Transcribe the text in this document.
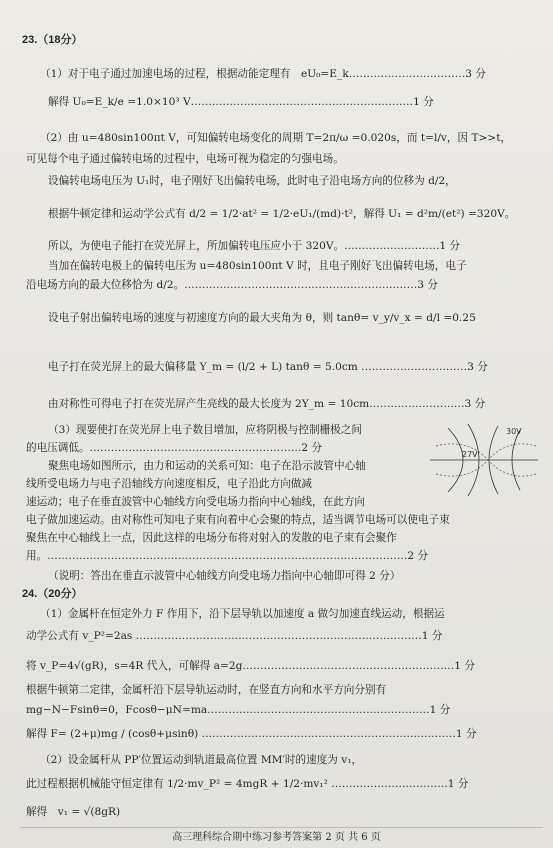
23.（18分）
（1）对于电子通过加速电场的过程，根据动能定理有　eU₀=E_k……………………………3 分
解得 U₀=E_k/e =1.0×10³ V………………………………………………………1 分
（2）由 u=480sin100πt V，可知偏转电场变化的周期 T=2π/ω =0.020s，而 t=l/v，因 T>>t，
可见每个电子通过偏转电场的过程中，电场可视为稳定的匀强电场。
设偏转电场电压为 U₁时，电子刚好飞出偏转电场，此时电子沿电场方向的位移为 d/2，
根据牛顿定律和运动学公式有 d/2 = 1/2·at² = 1/2·eU₁/(md)·t²，解得 U₁ = d²m/(et²) =320V。
所以，为使电子能打在荧光屏上，所加偏转电压应小于 320V。………………………1 分
当加在偏转电极上的偏转电压为 u=480sin100πt V 时，且电子刚好飞出偏转电场，电子
沿电场方向的最大位移恰为 d/2。…………………………………………………………3 分
设电子射出偏转电场的速度与初速度方向的最大夹角为 θ，则 tanθ= v_y/v_x = d/l =0.25
电子打在荧光屏上的最大偏移量 Y_m = (l/2 + L) tanθ = 5.0cm …………………………3 分
由对称性可得电子打在荧光屏产生亮线的最大长度为 2Y_m = 10cm………………………3 分
（3）现要使打在荧光屏上电子数目增加，应将阴极与控制栅极之间
的电压调低。……………………………………………………2 分
聚焦电场如图所示，由力和运动的关系可知：电子在沿示波管中心轴
线所受电场力与电子沿轴线方向速度相反，电子沿此方向做减
速运动；电子在垂直波管中心轴线方向受电场力指向中心轴线，在此方向
电子做加速运动。由对称性可知电子束有向着中心会聚的特点，适当调节电场可以使电子束
聚焦在中心轴线上一点，因此这样的电场分布将对射入的发散的电子束有会聚作
用。…………………………………………………………………………………………2 分
（说明：答出在垂直示波管中心轴线方向受电场力指向中心轴即可得 2 分）
30V
27V
24.（20分）
（1）金属杆在恒定外力 F 作用下，沿下层导轨以加速度 a 做匀加速直线运动，根据运
动学公式有 v_P²=2as ………………………………………………………………………1 分
将 v_P=4√(gR)，s=4R 代入，可解得 a=2g……………………………………………………1 分
根据牛顿第二定律，金属杆沿下层导轨运动时，在竖直方向和水平方向分别有
mg−N−Fsinθ=0，Fcosθ−μN=ma………………………………………………………1 分
解得 F= (2+μ)mg / (cosθ+μsinθ) ………………………………………………………………1 分
（2）设金属杆从 PP′位置运动到轨道最高位置 MM′时的速度为 v₁，
此过程根据机械能守恒定律有 1/2·mv_P² = 4mgR + 1/2·mv₁² ……………………………1 分
解得　v₁ = √(8gR)
高三理科综合期中练习参考答案第 2 页 共 6 页
